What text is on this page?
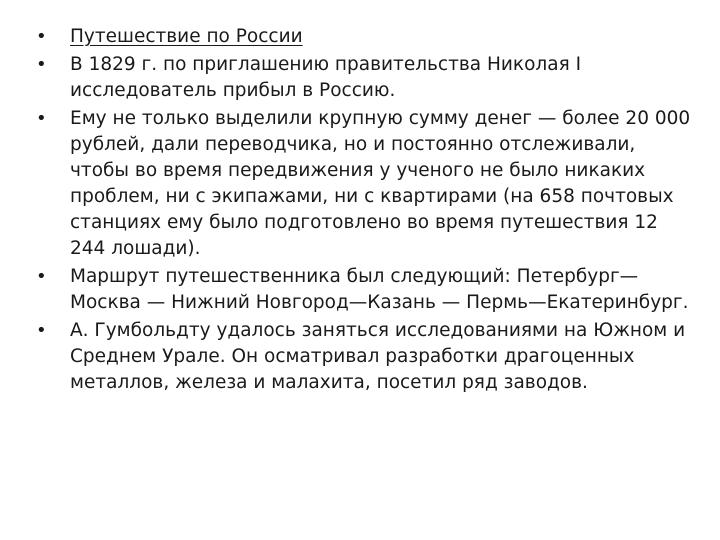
•	Путешествие по России
•	В 1829 г. по приглашению правительства Николая I исследователь прибыл в Россию.
•	Ему не только выделили крупную сумму денег — более 20 000 рублей, дали переводчика, но и постоянно отслеживали, чтобы во время передвижения у ученого не было никаких проблем, ни с экипажами, ни с квартирами (на 658 почтовых станциях ему было подготовлено во время путешествия 12 244 лошади).
•	Маршрут путешественника был следующий: Петербург—Москва — Нижний Новгород—Казань — Пермь—Екатеринбург.
•	А. Гумбольдту удалось заняться исследованиями на Южном и Среднем Урале. Он осматривал разработки драгоценных металлов, железа и малахита, посетил ряд заводов.
